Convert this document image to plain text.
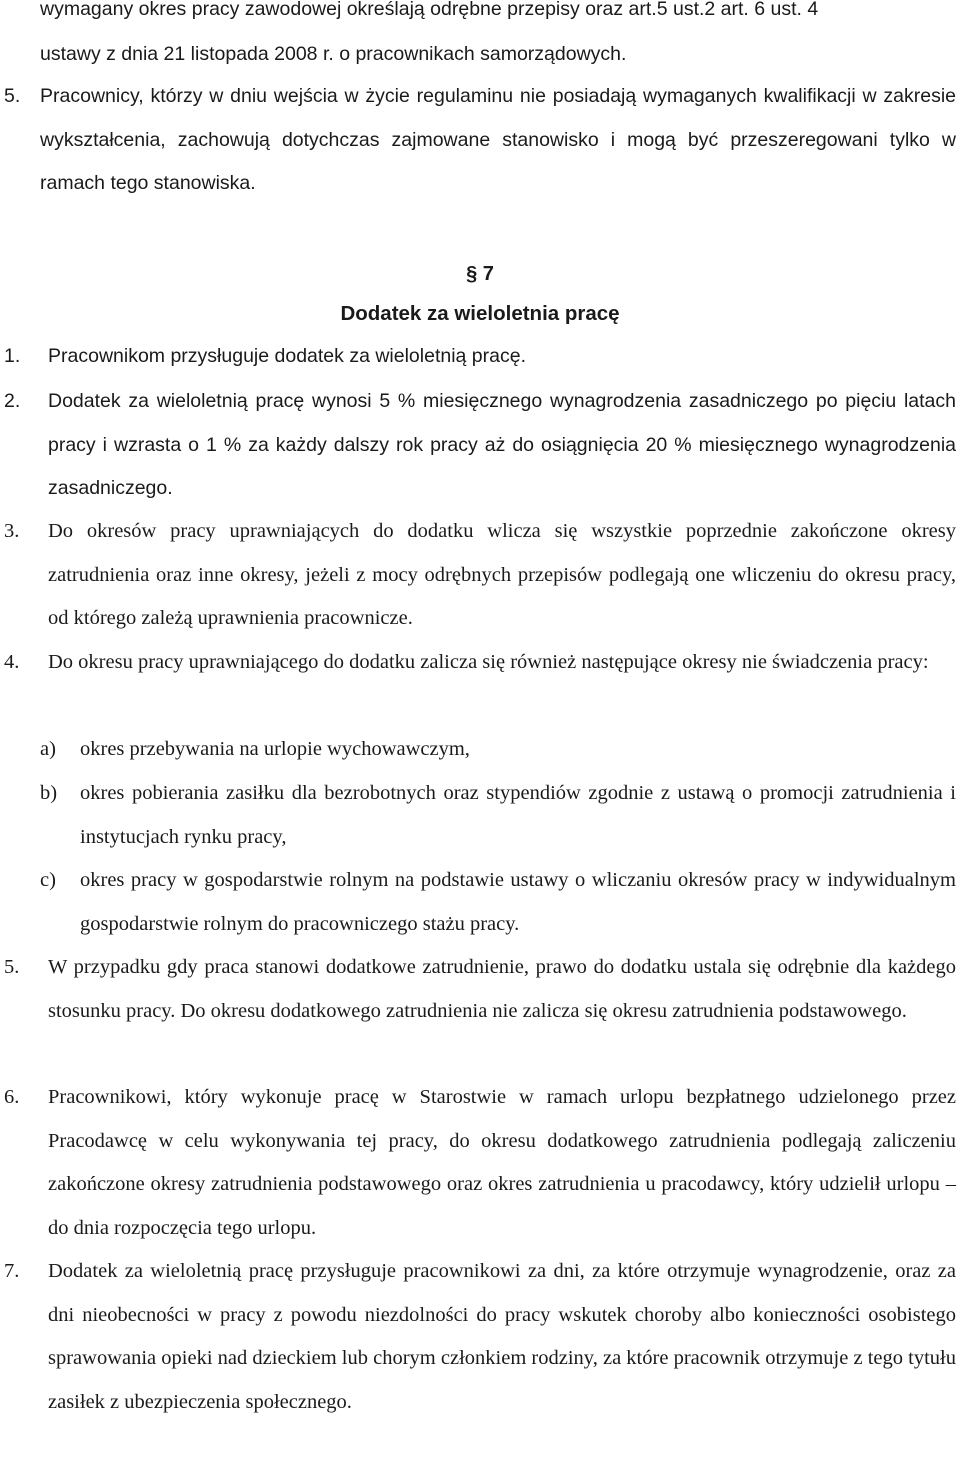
wymagany okres pracy zawodowej określają odrębne przepisy oraz art.5 ust.2 art. 6 ust. 4
ustawy z dnia 21 listopada 2008 r. o pracownikach samorządowych.
5. Pracownicy, którzy w dniu wejścia w życie regulaminu nie posiadają wymaganych kwalifikacji w zakresie wykształcenia, zachowują dotychczas zajmowane stanowisko i mogą być przeszeregowani tylko w ramach tego stanowiska.

§ 7
Dodatek za wieloletnia pracę
1. Pracownikom przysługuje dodatek za wieloletnią pracę.

2. Dodatek za wieloletnią pracę wynosi 5 % miesięcznego wynagrodzenia zasadniczego po pięciu latach pracy i wzrasta o 1 % za każdy dalszy rok pracy aż do osiągnięcia 20 % miesięcznego wynagrodzenia zasadniczego.

3. Do okresów pracy uprawniających do dodatku wlicza się wszystkie poprzednie zakończone okresy zatrudnienia oraz inne okresy, jeżeli z mocy odrębnych przepisów podlegają one wliczeniu do okresu pracy, od którego zależą uprawnienia pracownicze.

4. Do okresu pracy uprawniającego do dodatku zalicza się również następujące okresy nie świadczenia pracy:

a) okres przebywania na urlopie wychowawczym,

b) okres pobierania zasiłku dla bezrobotnych oraz stypendiów zgodnie z ustawą o promocji zatrudnienia i instytucjach rynku pracy,

c) okres pracy w gospodarstwie rolnym na podstawie ustawy o wliczaniu okresów pracy w indywidualnym gospodarstwie rolnym do pracowniczego stażu pracy.

5. W przypadku gdy praca stanowi dodatkowe zatrudnienie, prawo do dodatku ustala się odrębnie dla każdego stosunku pracy. Do okresu dodatkowego zatrudnienia nie zalicza się okresu zatrudnienia podstawowego.

6. Pracownikowi, który wykonuje pracę w Starostwie w ramach urlopu bezpłatnego udzielonego przez Pracodawcę w celu wykonywania tej pracy, do okresu dodatkowego zatrudnienia podlegają zaliczeniu zakończone okresy zatrudnienia podstawowego oraz okres zatrudnienia u pracodawcy, który udzielił urlopu – do dnia rozpoczęcia tego urlopu.

7. Dodatek za wieloletnią pracę przysługuje pracownikowi za dni, za które otrzymuje wynagrodzenie, oraz za dni nieobecności w pracy z powodu niezdolności do pracy wskutek choroby albo konieczności osobistego sprawowania opieki nad dzieckiem lub chorym członkiem rodziny, za które pracownik otrzymuje z tego tytułu zasiłek z ubezpieczenia społecznego.
